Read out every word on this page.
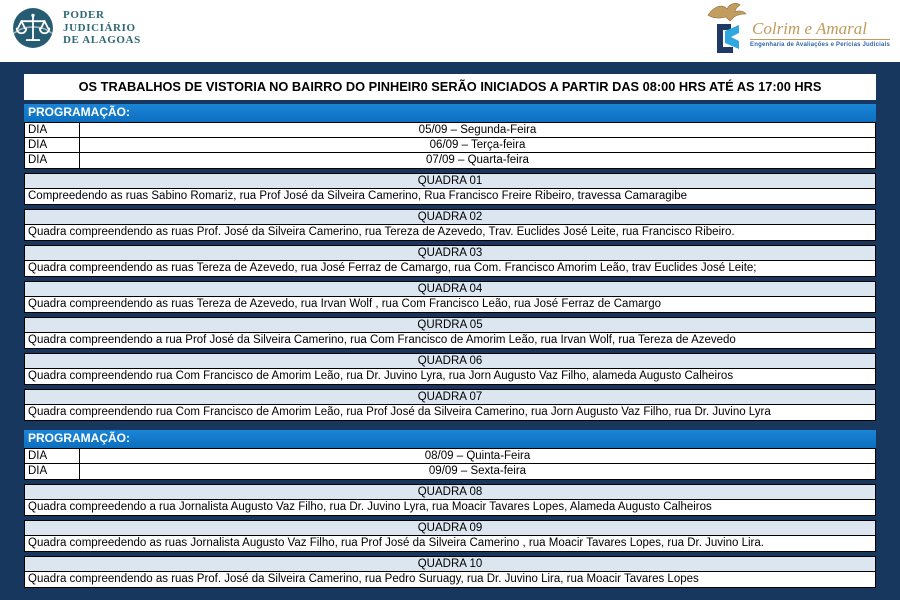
PODER
JUDICIÁRIO
DE ALAGOAS
Colrim e Amaral
Engenharia de Avaliações e Perícias Judiciais
OS TRABALHOS DE VISTORIA NO BAIRRO DO PINHEIR0 SERÃO INICIADOS A PARTIR DAS 08:00 HRS ATÉ AS 17:00 HRS
PROGRAMAÇÃO:
DIA	05/09 – Segunda-Feira
DIA	06/09 – Terça-feira
DIA	07/09 – Quarta-feira
QUADRA 01
Compreedendo as ruas Sabino Romariz, rua Prof José da Silveira Camerino, Rua Francisco Freire Ribeiro, travessa Camaragibe
QUADRA 02
Quadra compreendendo as ruas Prof. José da Silveira Camerino, rua Tereza de Azevedo, Trav. Euclides José Leite, rua Francisco Ribeiro.
QUADRA 03
Quadra compreendendo as ruas Tereza de Azevedo, rua José Ferraz de Camargo, rua Com. Francisco Amorim Leão, trav Euclides José Leite;
QUADRA 04
Quadra compreendendo as ruas Tereza de Azevedo, rua Irvan Wolf , rua Com Francisco Leão, rua José Ferraz de Camargo
QURDRA 05
Quadra compreendendo a rua Prof José da Silveira Camerino, rua Com Francisco de Amorim Leão, rua Irvan Wolf, rua Tereza de Azevedo
QUADRA 06
Quadra compreendendo rua Com Francisco de Amorim Leão, rua Dr. Juvino Lyra, rua Jorn Augusto Vaz Filho, alameda Augusto Calheiros
QUADRA 07
Quadra compreendendo rua Com Francisco de Amorim Leão, rua Prof José da Silveira Camerino, rua Jorn Augusto Vaz Filho, rua Dr. Juvino Lyra
PROGRAMAÇÃO:
DIA	08/09 – Quinta-Feira
DIA	09/09 – Sexta-feira
QUADRA 08
Quadra compreedendo a rua Jornalista Augusto Vaz Filho, rua Dr. Juvino Lyra, rua Moacir Tavares Lopes, Alameda Augusto Calheiros
QUADRA 09
Quadra compreedendo as ruas Jornalista Augusto Vaz Filho, rua Prof José da Silveira Camerino , rua Moacir Tavares Lopes, rua Dr. Juvino Lira.
QUADRA 10
Quadra compreendendo as ruas Prof. José da Silveira Camerino, rua Pedro Suruagy, rua Dr. Juvino Lira, rua Moacir Tavares Lopes
